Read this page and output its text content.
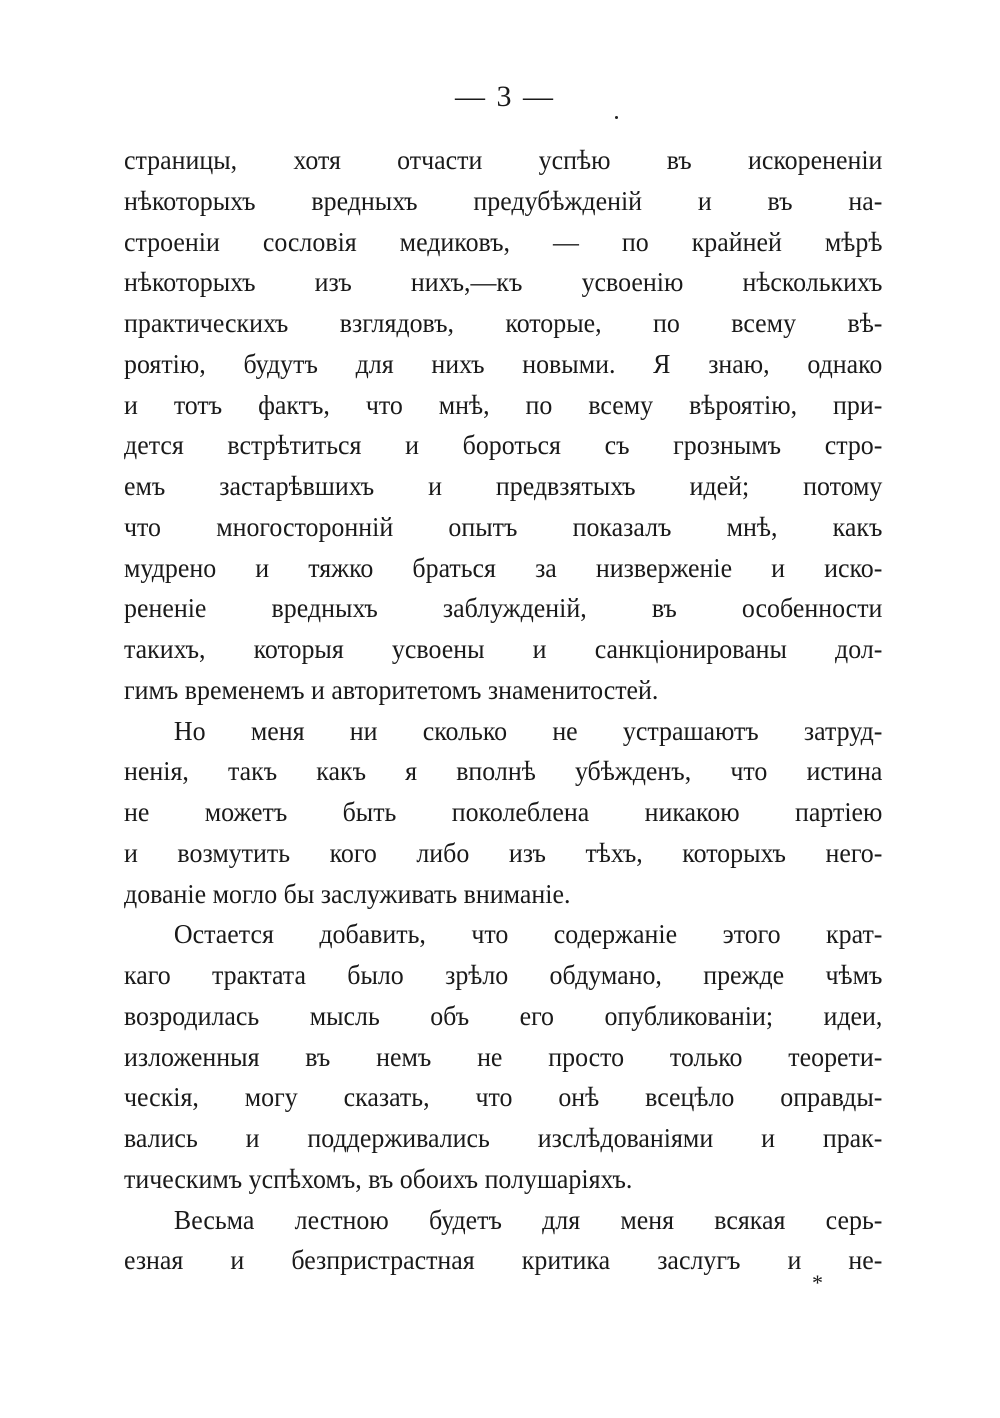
— 3 —
страницы, хотя отчасти успѣю въ искорененіи
нѣкоторыхъ вредныхъ предубѣжденій и въ на-
строеніи сословія медиковъ, — по крайней мѣрѣ
нѣкоторыхъ изъ нихъ,—къ усвоенію нѣсколькихъ
практическихъ взглядовъ, которые, по всему вѣ-
роятію, будутъ для нихъ новыми. Я знаю, однако
и тотъ фактъ, что мнѣ, по всему вѣроятію, при-
дется встрѣтиться и бороться съ грознымъ стро-
емъ застарѣвшихъ и предвзятыхъ идей; потому
что многосторонній опытъ показалъ мнѣ, какъ
мудрено и тяжко браться за низверженіе и иско-
рененіе вредныхъ заблужденій, въ особенности
такихъ, которыя усвоены и санкціонированы дол-
гимъ временемъ и авторитетомъ знаменитостей.
Но меня ни сколько не устрашаютъ затруд-
ненія, такъ какъ я вполнѣ убѣжденъ, что истина
не можетъ быть поколеблена никакою партіею
и возмутить кого либо изъ тѣхъ, которыхъ него-
дованіе могло бы заслуживать вниманіе.
Остается добавить, что содержаніе этого крат-
каго трактата было зрѣло обдумано, прежде чѣмъ
возродилась мысль объ его опубликованіи; идеи,
изложенныя въ немъ не просто только теорети-
ческія, могу сказать, что онѣ всецѣло оправды-
вались и поддерживались изслѣдованіями и прак-
тическимъ успѣхомъ, въ обоихъ полушаріяхъ.
Весьма лестною будетъ для меня всякая серь-
езная и безпристрастная критика заслугъ и не-
*
